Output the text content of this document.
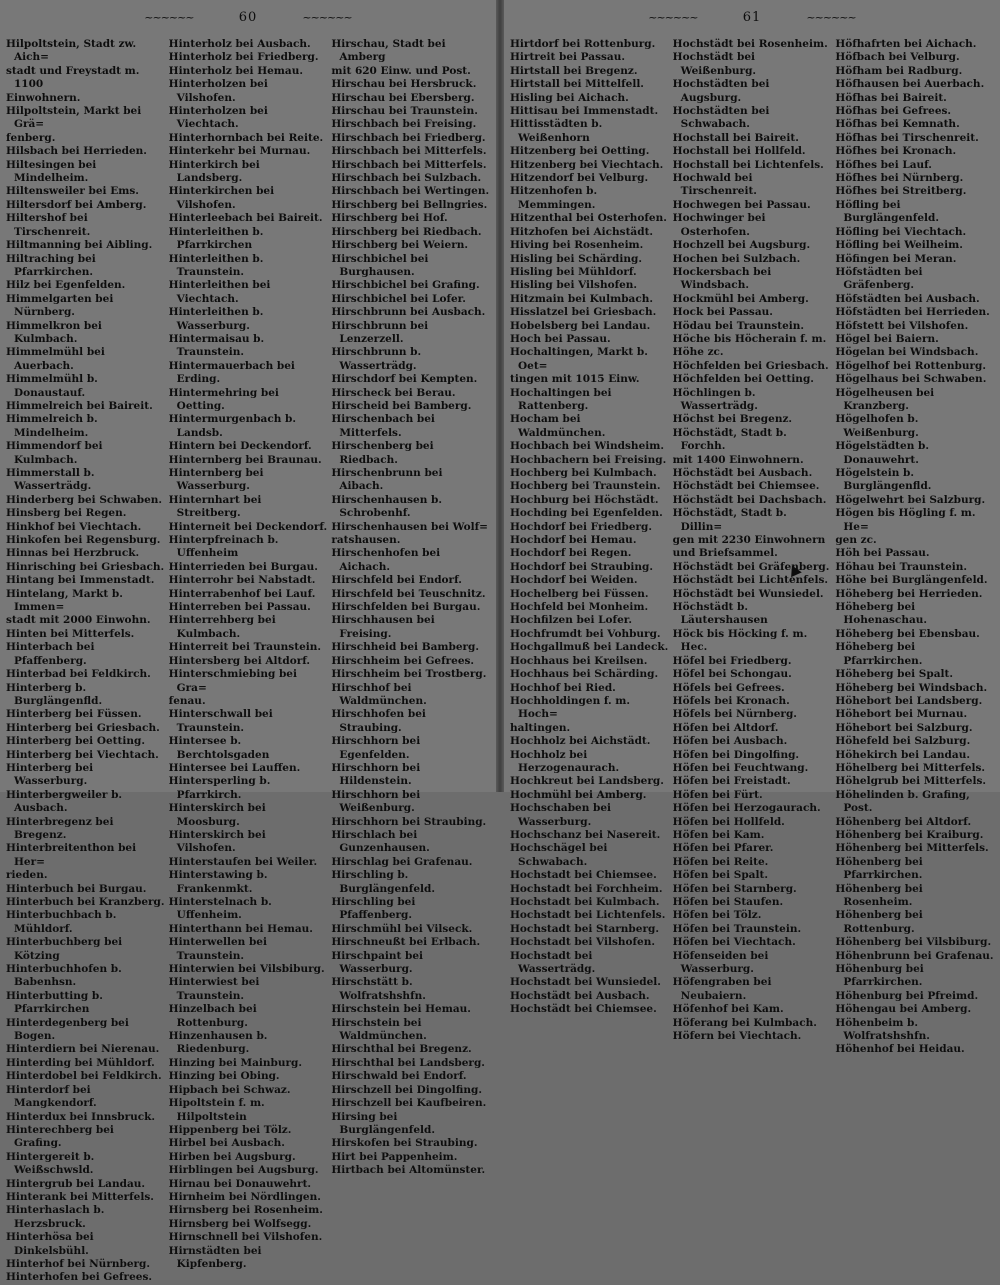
~~~~~~	60	~~~~~~

Hilpoltstein, Stadt zw. Aich=

stadt und Freystadt m. 1100

Einwohnern.

Hilpoltstein, Markt bei Grä=

fenberg.

Hilsbach bei Herrieden.

Hiltesingen bei Mindelheim.

Hiltensweiler bei Ems.

Hiltersdorf bei Amberg.

Hiltershof bei Tirschenreit.

Hiltmanning bei Aibling.

Hiltraching bei Pfarrkirchen.

Hilz bei Egenfelden.

Himmelgarten bei Nürnberg.

Himmelkron bei Kulmbach.

Himmelmühl bei Auerbach.

Himmelmühl b. Donaustauf.

Himmelreich bei Baireit.

Himmelreich b. Mindelheim.

Himmendorf bei Kulmbach.

Himmerstall b. Wasserträdg.

Hinderberg bei Schwaben.

Hinsberg bei Regen.

Hinkhof bei Viechtach.

Hinkofen bei Regensburg.

Hinnas bei Herzbruck.

Hinrisching bei Griesbach.

Hintang bei Immenstadt.

Hintelang, Markt b. Immen=

stadt mit 2000 Einwohn.

Hinten bei Mitterfels.

Hinterbach bei Pfaffenberg.

Hinterbad bei Feldkirch.

Hinterberg b. Burglängenfld.

Hinterberg bei Füssen.

Hinterberg bei Griesbach.

Hinterberg bei Oetting.

Hinterberg bei Viechtach.

Hinterberg bei Wasserburg.

Hinterbergweiler b. Ausbach.

Hinterbregenz bei Bregenz.

Hinterbreitenthon bei Her=

rieden.

Hinterbuch bei Burgau.

Hinterbuch bei Kranzberg.

Hinterbuchbach b. Mühldorf.

Hinterbuchberg bei Kötzing

Hinterbuchhofen b. Babenhsn.

Hinterbutting b. Pfarrkirchen

Hinterdegenberg bei Bogen.

Hinterdiern bei Nierenau.

Hinterding bei Mühldorf.

Hinterdobel bei Feldkirch.

Hinterdorf bei Mangkendorf.

Hinterdux bei Innsbruck.

Hinterechberg bei Grafing.

Hintergereit b. Weißschwsld.

Hintergrub bei Landau.

Hinterank bei Mitterfels.

Hinterhaslach b. Herzsbruck.

Hinterhösa bei Dinkelsbühl.

Hinterhof bei Nürnberg.

Hinterhofen bei Gefrees.

Hinterholz bei Ausbach.

Hinterholz bei Friedberg.

Hinterholz bei Hemau.

Hinterholzen bei Vilshofen.

Hinterholzen bei Viechtach.

Hinterhornbach bei Reite.

Hinterkehr bei Murnau.

Hinterkirch bei Landsberg.

Hinterkirchen bei Vilshofen.

Hinterleebach bei Baireit.

Hinterleithen b. Pfarrkirchen

Hinterleithen b. Traunstein.

Hinterleithen bei Viechtach.

Hinterleithen b. Wasserburg.

Hintermaisau b. Traunstein.

Hintermauerbach bei Erding.

Hintermehring bei Oetting.

Hintermurgenbach b. Landsb.

Hintern bei Deckendorf.

Hinternberg bei Braunau.

Hinternberg bei Wasserburg.

Hinternhart bei Streitberg.

Hinterneit bei Deckendorf.

Hinterpfreinach b. Uffenheim

Hinterrieden bei Burgau.

Hinterrohr bei Nabstadt.

Hinterrabenhof bei Lauf.

Hinterreben bei Passau.

Hinterrehberg bei Kulmbach.

Hinterreit bei Traunstein.

Hintersberg bei Altdorf.

Hinterschmiebing bei Gra=

fenau.

Hinterschwall bei Traunstein.

Hintersee b. Berchtolsgaden

Hintersee bei Lauffen.

Hintersperling b. Pfarrkirch.

Hinterskirch bei Moosburg.

Hinterskirch bei Vilshofen.

Hinterstaufen bei Weiler.

Hinterstawing b. Frankenmkt.

Hinterstelnach b. Uffenheim.

Hinterthann bei Hemau.

Hinterwellen bei Traunstein.

Hinterwien bei Vilsbiburg.

Hinterwiest bei Traunstein.

Hinzelbach bei Rottenburg.

Hinzenhausen b. Riedenburg.

Hinzing bei Mainburg.

Hinzing bei Obing.

Hipbach bei Schwaz.

Hipoltstein f. m. Hilpoltstein

Hippenberg bei Tölz.

Hirbel bei Ausbach.

Hirben bei Augsburg.

Hirblingen bei Augsburg.

Hirnau bei Donauwehrt.

Hirnheim bei Nördlingen.

Hirnsberg bei Rosenheim.

Hirnsberg bei Wolfsegg.

Hirnschnell bei Vilshofen.

Hirnstädten bei Kipfenberg.

Hirschau, Stadt bei Amberg

mit 620 Einw. und Post.

Hirschau bei Hersbruck.

Hirschau bei Ebersberg.

Hirschau bei Traunstein.

Hirschbach bei Freising.

Hirschbach bei Friedberg.

Hirschbach bei Mitterfels.

Hirschbach bei Mitterfels.

Hirschbach bei Sulzbach.

Hirschbach bei Wertingen.

Hirschberg bei Bellngries.

Hirschberg bei Hof.

Hirschberg bei Riedbach.

Hirschberg bei Weiern.

Hirschbichel bei Burghausen.

Hirschbichel bei Grafing.

Hirschbichel bei Lofer.

Hirschbrunn bei Ausbach.

Hirschbrunn bei Lenzerzell.

Hirschbrunn b. Wasserträdg.

Hirschdorf bei Kempten.

Hirscheck bei Berau.

Hirscheid bei Bamberg.

Hirschenbach bei Mitterfels.

Hirschenberg bei Riedbach.

Hirschenbrunn bei Aibach.

Hirschenhausen b. Schrobenhf.

Hirschenhausen bei Wolf=

ratshausen.

Hirschenhofen bei Aichach.

Hirschfeld bei Endorf.

Hirschfeld bei Teuschnitz.

Hirschfelden bei Burgau.

Hirschhausen bei Freising.

Hirschheid bei Bamberg.

Hirschheim bei Gefrees.

Hirschheim bei Trostberg.

Hirschhof bei Waldmünchen.

Hirschhofen bei Straubing.

Hirschhorn bei Egenfelden.

Hirschhorn bei Hildenstein.

Hirschhorn bei Weißenburg.

Hirschhorn bei Straubing.

Hirschlach bei Gunzenhausen.

Hirschlag bei Grafenau.

Hirschling b. Burglängenfeld.

Hirschling bei Pfaffenberg.

Hirschmühl bei Vilseck.

Hirschneußt bei Erlbach.

Hirschpaint bei Wasserburg.

Hirschstätt b. Wolfratshshfn.

Hirschstein bei Hemau.

Hirschstein bei Waldmünchen.

Hirschthal bei Bregenz.

Hirschthal bei Landsberg.

Hirschwald bei Endorf.

Hirschzell bei Dingolfing.

Hirschzell bei Kaufbeiren.

Hirsing bei Burglängenfeld.

Hirskofen bei Straubing.

Hirt bei Pappenheim.

Hirtbach bei Altomünster.

~~~~~~	61	~~~~~~

Hirtdorf bei Rottenburg.

Hirtreit bei Passau.

Hirtstall bei Bregenz.

Hirtstall bei Mittelfell.

Hisling bei Aichach.

Hittisau bei Immenstadt.

Hittisstädten b. Weißenhorn

Hitzenberg bei Oetting.

Hitzenberg bei Viechtach.

Hitzendorf bei Velburg.

Hitzenhofen b. Memmingen.

Hitzenthal bei Osterhofen.

Hitzhofen bei Aichstädt.

Hiving bei Rosenheim.

Hisling bei Schärding.

Hisling bei Mühldorf.

Hisling bei Vilshofen.

Hitzmain bei Kulmbach.

Hisslatzel bei Griesbach.

Hobelsberg bei Landau.

Hoch bei Passau.

Hochaltingen, Markt b. Oet=

tingen mit 1015 Einw.

Hochaltingen bei Rattenberg.

Hocham bei Waldmünchen.

Hochbach bei Windsheim.

Hochbachern bei Freising.

Hochberg bei Kulmbach.

Hochberg bei Traunstein.

Hochburg bei Höchstädt.

Hochding bei Egenfelden.

Hochdorf bei Friedberg.

Hochdorf bei Hemau.

Hochdorf bei Regen.

Hochdorf bei Straubing.

Hochdorf bei Weiden.

Hochelberg bei Füssen.

Hochfeld bei Monheim.

Hochfilzen bei Lofer.

Hochfrumdt bei Vohburg.

Hochgallmuß bei Landeck.

Hochhaus bei Kreilsen.

Hochhaus bei Schärding.

Hochhof bei Ried.

Hochholdingen f. m. Hoch=

haltingen.

Hochholz bei Aichstädt.

Hochholz bei Herzogenaurach.

Hochkreut bei Landsberg.

Hochmühl bei Amberg.

Hochschaben bei Wasserburg.

Hochschanz bei Nasereit.

Hochschägel bei Schwabach.

Hochstadt bei Chiemsee.

Hochstadt bei Forchheim.

Hochstadt bei Kulmbach.

Hochstadt bei Lichtenfels.

Hochstadt bei Starnberg.

Hochstadt bei Vilshofen.

Hochstadt bei Wasserträdg.

Hochstadt bei Wunsiedel.

Hochstädt bei Ausbach.

Hochstädt bei Chiemsee.

Hochstädt bei Rosenheim.

Hochstädt bei Weißenburg.

Hochstädten bei Augsburg.

Hochstädten bei Schwabach.

Hochstall bei Baireit.

Hochstall bei Hollfeld.

Hochstall bei Lichtenfels.

Hochwald bei Tirschenreit.

Hochwegen bei Passau.

Hochwinger bei Osterhofen.

Hochzell bei Augsburg.

Hochen bei Sulzbach.

Hockersbach bei Windsbach.

Hockmühl bei Amberg.

Hock bei Passau.

Hödau bei Traunstein.

Höche bis Höcherain f. m.

Höhe zc.

Höchfelden bei Griesbach.

Höchfelden bei Oetting.

Höchlingen b. Wasserträdg.

Höchst bei Bregenz.

Höchstädt, Stadt b. Forchh.

mit 1400 Einwohnern.

Höchstädt bei Ausbach.

Höchstädt bei Chiemsee.

Höchstädt bei Dachsbach.

Höchstädt, Stadt b. Dillin=

gen mit 2230 Einwohnern

und Briefsammel.

Höchstädt bei Gräfenberg.

Höchstädt bei Lichtenfels.

Höchstädt bei Wunsiedel.

Höchstädt b. Läutershausen

Höck bis Höcking f. m. Hec.

Höfel bei Friedberg.

Höfel bei Schongau.

Höfels bei Gefrees.

Höfels bei Kronach.

Höfels bei Nürnberg.

Höfen bei Altdorf.

Höfen bei Ausbach.

Höfen bei Dingolfing.

Höfen bei Feuchtwang.

Höfen bei Freistadt.

Höfen bei Fürt.

Höfen bei Herzogaurach.

Höfen bei Hollfeld.

Höfen bei Kam.

Höfen bei Pfarer.

Höfen bei Reite.

Höfen bei Spalt.

Höfen bei Starnberg.

Höfen bei Staufen.

Höfen bei Tölz.

Höfen bei Traunstein.

Höfen bei Viechtach.

Höfenseiden bei Wasserburg.

Höfengraben bei Neubaiern.

Höfenhof bei Kam.

Höferang bei Kulmbach.

Höfern bei Viechtach.

Höfhafrten bei Aichach.

Höfbach bei Velburg.

Höfham bei Radburg.

Höfhausen bei Auerbach.

Höfhas bei Baireit.

Höfhas bei Gefrees.

Höfhas bei Kemnath.

Höfhas bei Tirschenreit.

Höfhes bei Kronach.

Höfhes bei Lauf.

Höfhes bei Nürnberg.

Höfhes bei Streitberg.

Höfling bei Burglängenfeld.

Höfling bei Viechtach.

Höfling bei Weilheim.

Höfingen bei Meran.

Höfstädten bei Gräfenberg.

Höfstädten bei Ausbach.

Höfstädten bei Herrieden.

Höfstett bei Vilshofen.

Högel bei Baiern.

Högelan bei Windsbach.

Högelhof bei Rottenburg.

Högelhaus bei Schwaben.

Högelheusen bei Kranzberg.

Högelhofen b. Weißenburg.

Högelstädten b. Donauwehrt.

Högelstein b. Burglängenfld.

Högelwehrt bei Salzburg.

Högen bis Högling f. m. He=

gen zc.

Höh bei Passau.

Höhau bei Traunstein.

Höhe bei Burglängenfeld.

Höheberg bei Herrieden.

Höheberg bei Hohenaschau.

Höheberg bei Ebensbau.

Höheberg bei Pfarrkirchen.

Höheberg bei Spalt.

Höheberg bei Windsbach.

Höhebort bei Landsberg.

Höhebort bei Murnau.

Höhebort bei Salzburg.

Höhefeld bei Salzburg.

Höhekirch bei Landau.

Höhelberg bei Mitterfels.

Höhelgrub bei Mitterfels.

Höhelinden b. Grafing, Post.

Höhenberg bei Altdorf.

Höhenberg bei Kraiburg.

Höhenberg bei Mitterfels.

Höhenberg bei Pfarrkirchen.

Höhenberg bei Rosenheim.

Höhenberg bei Rottenburg.

Höhenberg bei Vilsbiburg.

Höhenbrunn bei Grafenau.

Höhenburg bei Pfarrkirchen.

Höhenburg bei Pfreimd.

Höhengau bei Amberg.

Höhenbeim b. Wolfratshshfn.

Höhenhof bei Heidau.
